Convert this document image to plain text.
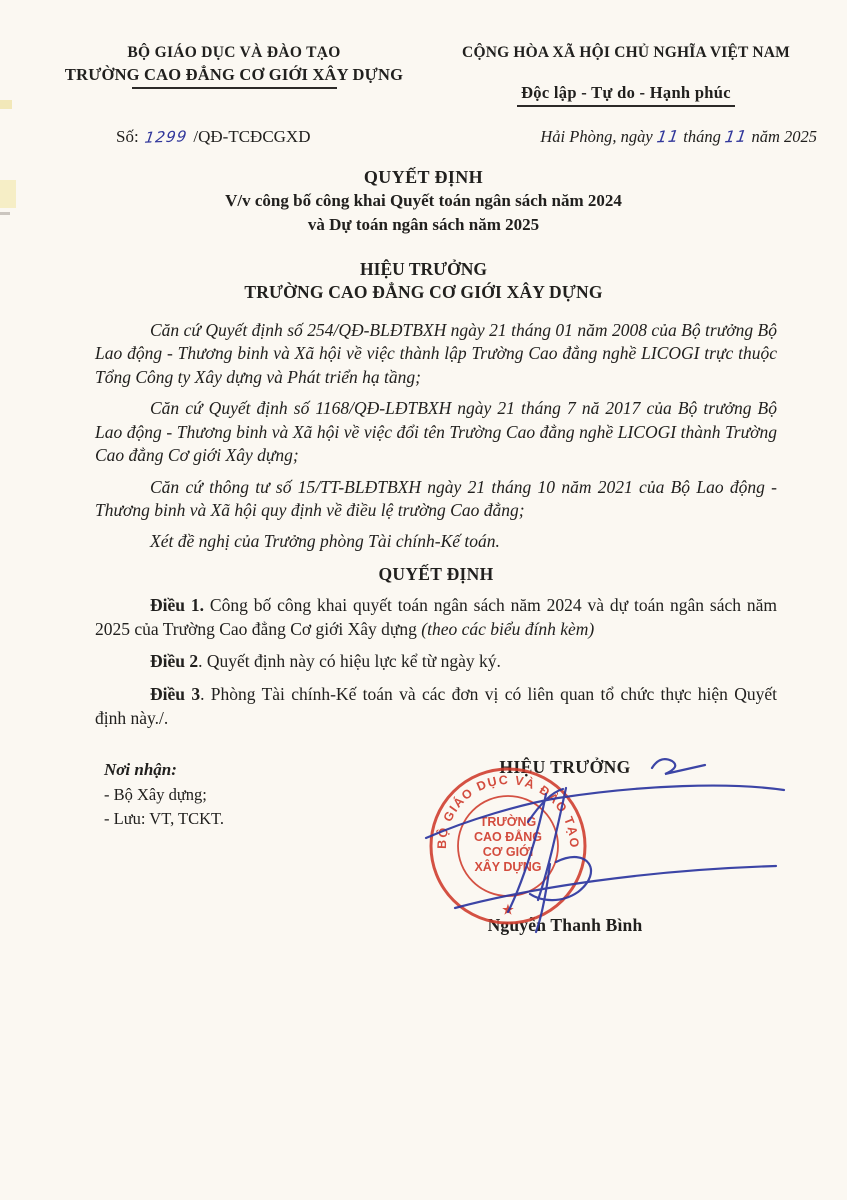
BỘ GIÁO DỤC VÀ ĐÀO TẠO
TRƯỜNG CAO ĐẲNG CƠ GIỚI XÂY DỰNG
CỘNG HÒA XÃ HỘI CHỦ NGHĨA VIỆT NAM

Độc lập - Tự do - Hạnh phúc
Số: 1299 /QĐ-TCĐCGXD	Hải Phòng, ngày 11 tháng 11 năm 2025
QUYẾT ĐỊNH
V/v công bố công khai Quyết toán ngân sách năm 2024
và Dự toán ngân sách năm 2025
HIỆU TRƯỞNG
TRƯỜNG CAO ĐẲNG CƠ GIỚI XÂY DỰNG

Căn cứ Quyết định số 254/QĐ-BLĐTBXH ngày 21 tháng 01 năm 2008 của Bộ trưởng Bộ Lao động - Thương binh và Xã hội về việc thành lập Trường Cao đẳng nghề LICOGI trực thuộc Tổng Công ty Xây dựng và Phát triển hạ tầng;

Căn cứ Quyết định số 1168/QĐ-LĐTBXH ngày 21 tháng 7 nă 2017 của Bộ trưởng Bộ Lao động - Thương binh và Xã hội về việc đổi tên Trường Cao đẳng nghề LICOGI thành Trường Cao đẳng Cơ giới Xây dựng;

Căn cứ thông tư số 15/TT-BLĐTBXH ngày 21 tháng 10 năm 2021 của Bộ Lao động - Thương binh và Xã hội quy định về điều lệ trường Cao đẳng;

Xét đề nghị của Trưởng phòng Tài chính-Kế toán.

QUYẾT ĐỊNH

Điều 1. Công bố công khai quyết toán ngân sách năm 2024 và dự toán ngân sách năm 2025 của Trường Cao đẳng Cơ giới Xây dựng (theo các biểu đính kèm)

Điều 2. Quyết định này có hiệu lực kể từ ngày ký.

Điều 3. Phòng Tài chính-Kế toán và các đơn vị có liên quan tổ chức thực hiện Quyết định này./.

Nơi nhận:
- Bộ Xây dựng;
- Lưu: VT, TCKT.
HIỆU TRƯỞNG
Nguyễn Thanh Bình
BỘ GIÁO DỤC VÀ ĐÀO TẠO
TRƯỜNG
CAO ĐẲNG
CƠ GIỚI
XÂY DỰNG
★
